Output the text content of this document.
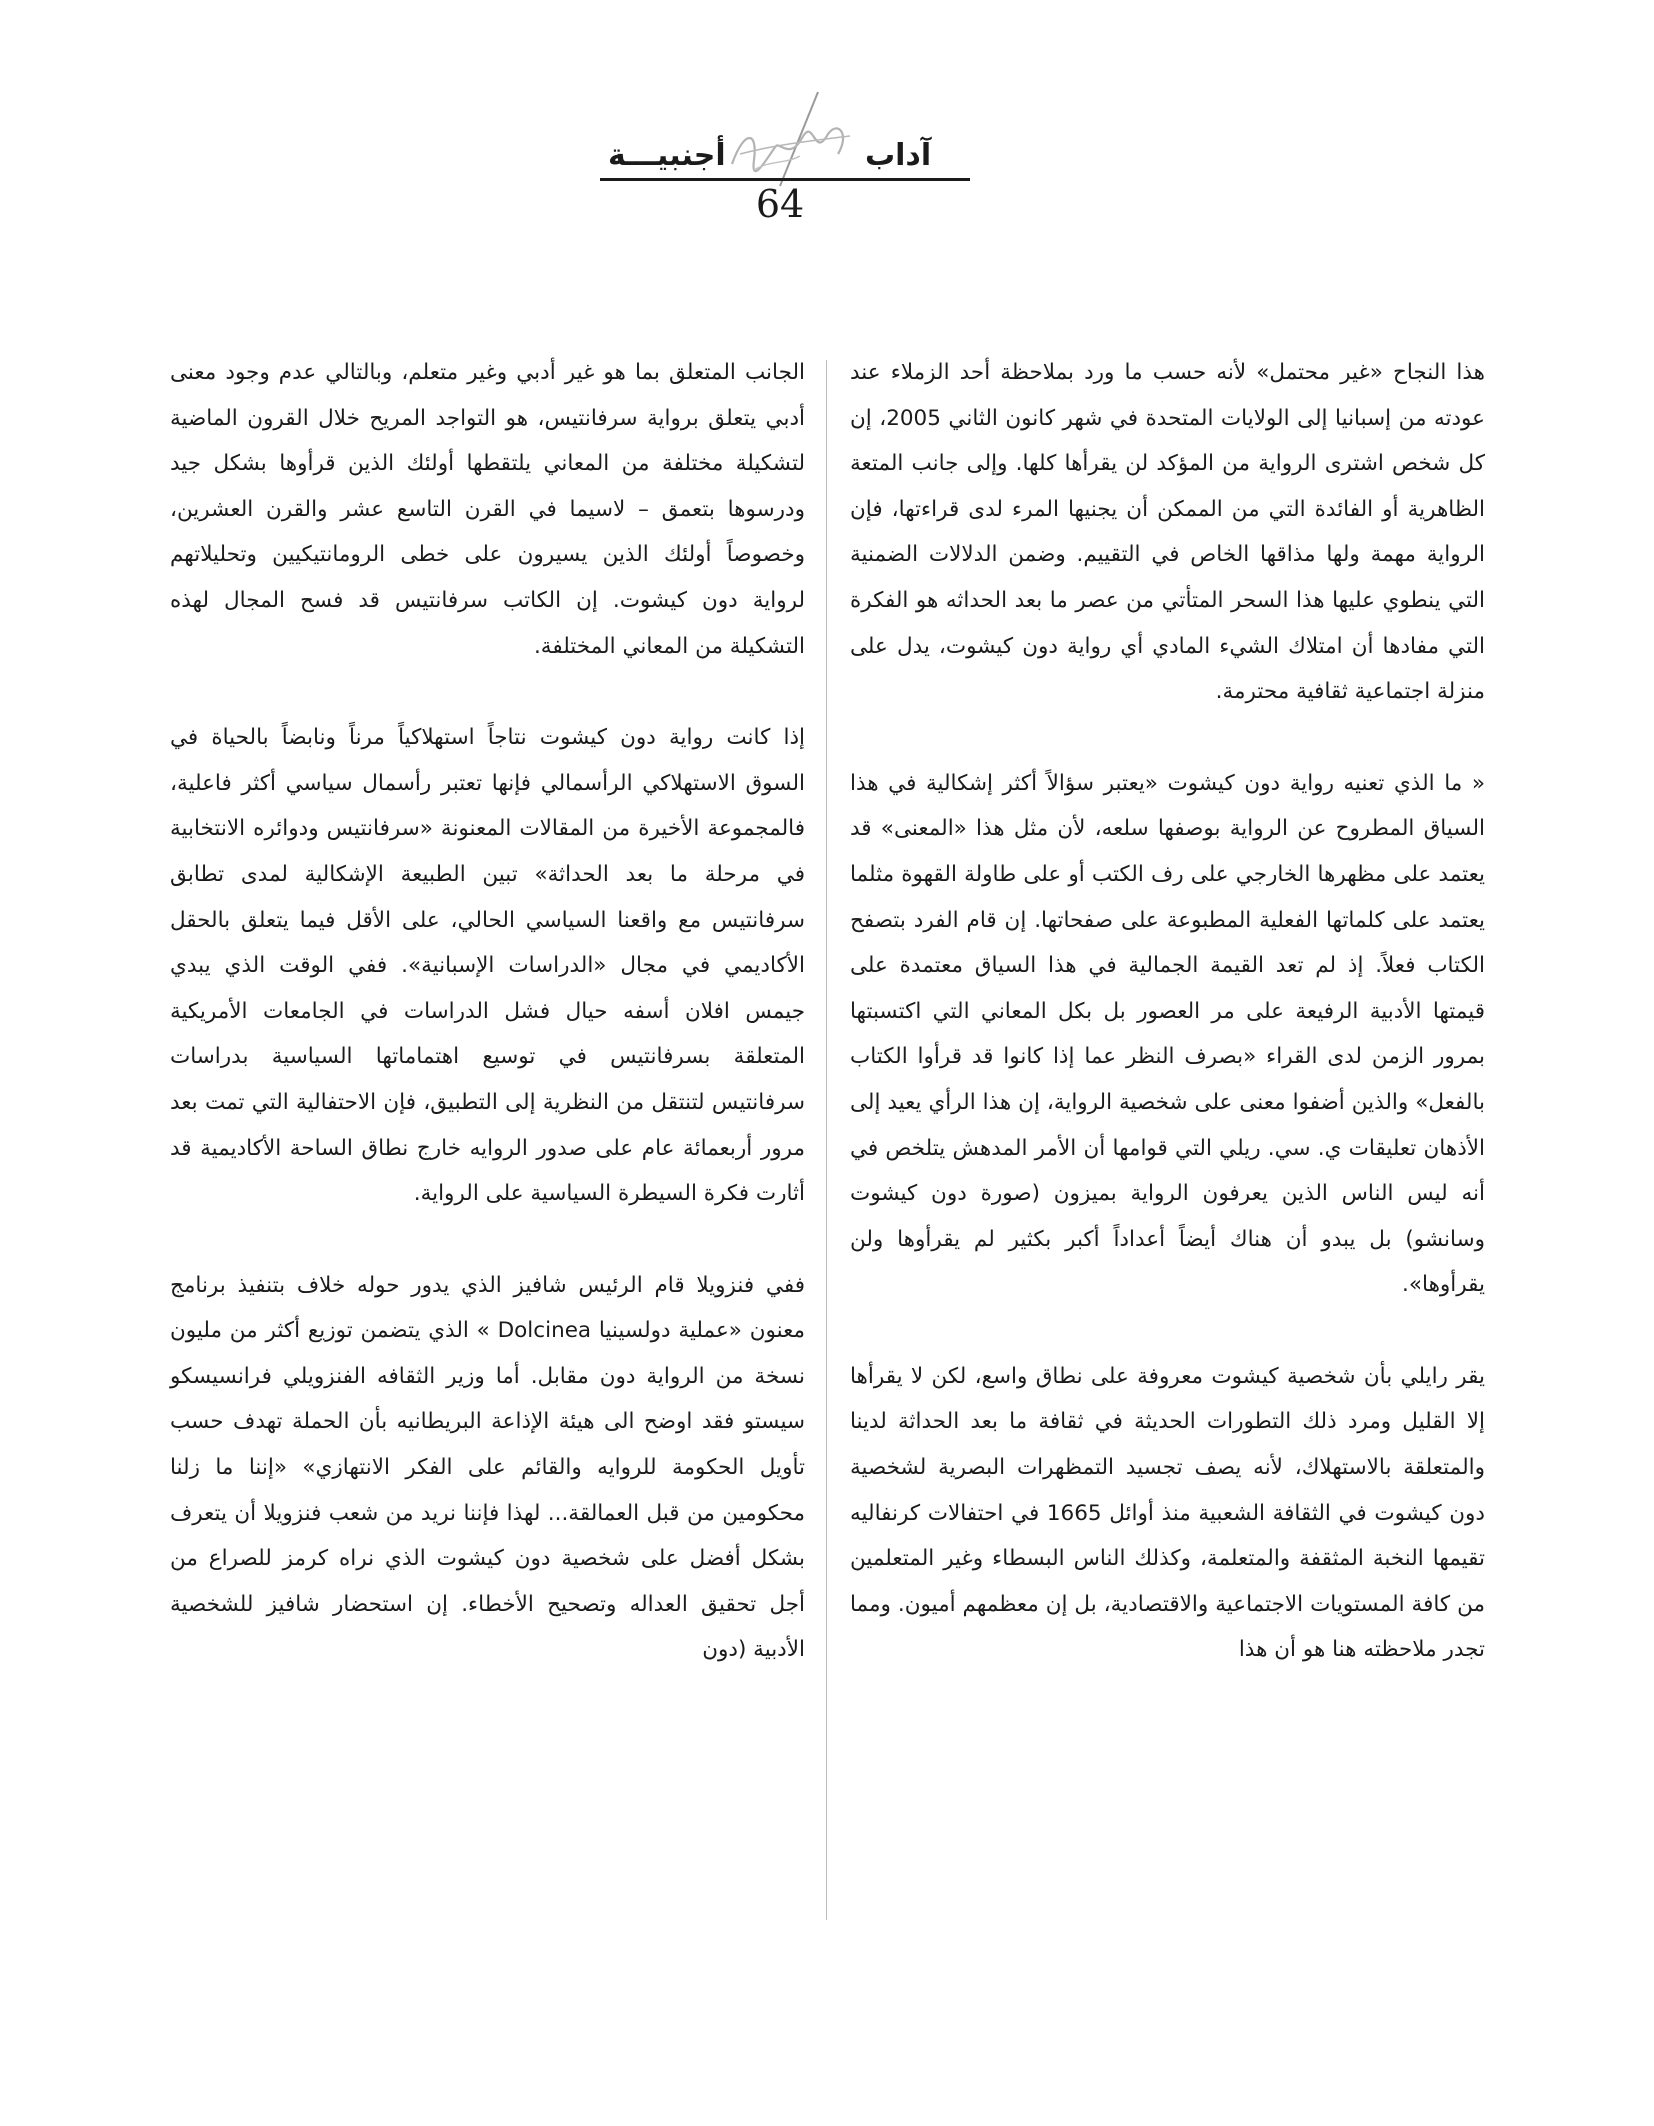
آداب
أجنبيـــة
64

هذا النجاح «غير محتمل» لأنه حسب ما ورد بملاحظة أحد الزملاء عند عودته من إسبانيا إلى الولايات المتحدة في شهر كانون الثاني 2005، إن كل شخص اشترى الرواية من المؤكد لن يقرأها كلها. وإلى جانب المتعة الظاهرية أو الفائدة التي من الممكن أن يجنيها المرء لدى قراءتها، فإن الرواية مهمة ولها مذاقها الخاص في التقييم. وضمن الدلالات الضمنية التي ينطوي عليها هذا السحر المتأتي من عصر ما بعد الحداثه هو الفكرة التي مفادها أن امتلاك الشيء المادي أي رواية دون كيشوت، يدل على منزلة اجتماعية ثقافية محترمة.

« ما الذي تعنيه رواية دون كيشوت «يعتبر سؤالاً أكثر إشكالية في هذا السياق المطروح عن الرواية بوصفها سلعه، لأن مثل هذا «المعنى» قد يعتمد على مظهرها الخارجي على رف الكتب أو على طاولة القهوة مثلما يعتمد على كلماتها الفعلية المطبوعة على صفحاتها. إن قام الفرد بتصفح الكتاب فعلاً. إذ لم تعد القيمة الجمالية في هذا السياق معتمدة على قيمتها الأدبية الرفيعة على مر العصور بل بكل المعاني التي اكتسبتها بمرور الزمن لدى القراء «بصرف النظر عما إذا كانوا قد قرأوا الكتاب بالفعل» والذين أضفوا معنى على شخصية الرواية، إن هذا الرأي يعيد إلى الأذهان تعليقات ي. سي. ريلي التي قوامها أن الأمر المدهش يتلخص في أنه ليس الناس الذين يعرفون الرواية بميزون (صورة دون كيشوت وسانشو) بل يبدو أن هناك أيضاً أعداداً أكبر بكثير لم يقرأوها ولن يقرأوها».

يقر رايلي بأن شخصية كيشوت معروفة على نطاق واسع، لكن لا يقرأها إلا القليل ومرد ذلك التطورات الحديثة في ثقافة ما بعد الحداثة لدينا والمتعلقة بالاستهلاك، لأنه يصف تجسيد التمظهرات البصرية لشخصية دون كيشوت في الثقافة الشعبية منذ أوائل 1665 في احتفالات كرنفاليه تقيمها النخبة المثقفة والمتعلمة، وكذلك الناس البسطاء وغير المتعلمين من كافة المستويات الاجتماعية والاقتصادية، بل إن معظمهم أميون. ومما تجدر ملاحظته هنا هو أن هذا

الجانب المتعلق بما هو غير أدبي وغير متعلم، وبالتالي عدم وجود معنى أدبي يتعلق برواية سرفانتيس، هو التواجد المريح خلال القرون الماضية لتشكيلة مختلفة من المعاني يلتقطها أولئك الذين قرأوها بشكل جيد ودرسوها بتعمق – لاسيما في القرن التاسع عشر والقرن العشرين، وخصوصاً أولئك الذين يسيرون على خطى الرومانتيكيين وتحليلاتهم لرواية دون كيشوت. إن الكاتب سرفانتيس قد فسح المجال لهذه التشكيلة من المعاني المختلفة.

إذا كانت رواية دون كيشوت نتاجاً استهلاكياً مرناً ونابضاً بالحياة في السوق الاستهلاكي الرأسمالي فإنها تعتبر رأسمال سياسي أكثر فاعلية، فالمجموعة الأخيرة من المقالات المعنونة «سرفانتيس ودوائره الانتخابية في مرحلة ما بعد الحداثة» تبين الطبيعة الإشكالية لمدى تطابق سرفانتيس مع واقعنا السياسي الحالي، على الأقل فيما يتعلق بالحقل الأكاديمي في مجال «الدراسات الإسبانية». ففي الوقت الذي يبدي جيمس افلان أسفه حيال فشل الدراسات في الجامعات الأمريكية المتعلقة بسرفانتيس في توسيع اهتماماتها السياسية بدراسات سرفانتيس لتنتقل من النظرية إلى التطبيق، فإن الاحتفالية التي تمت بعد مرور أربعمائة عام على صدور الروايه خارج نطاق الساحة الأكاديمية قد أثارت فكرة السيطرة السياسية على الرواية.

ففي فنزويلا قام الرئيس شافيز الذي يدور حوله خلاف بتنفيذ برنامج معنون «عملية دولسينيا Dolcinea » الذي يتضمن توزيع أكثر من مليون نسخة من الرواية دون مقابل. أما وزير الثقافه الفنزويلي فرانسيسكو سيستو فقد اوضح الى هيئة الإذاعة البريطانيه بأن الحملة تهدف حسب تأويل الحكومة للروايه والقائم على الفكر الانتهازي» «إننا ما زلنا محكومين من قبل العمالقة... لهذا فإننا نريد من شعب فنزويلا أن يتعرف بشكل أفضل على شخصية دون كيشوت الذي نراه كرمز للصراع من أجل تحقيق العداله وتصحيح الأخطاء. إن استحضار شافيز للشخصية الأدبية (دون
